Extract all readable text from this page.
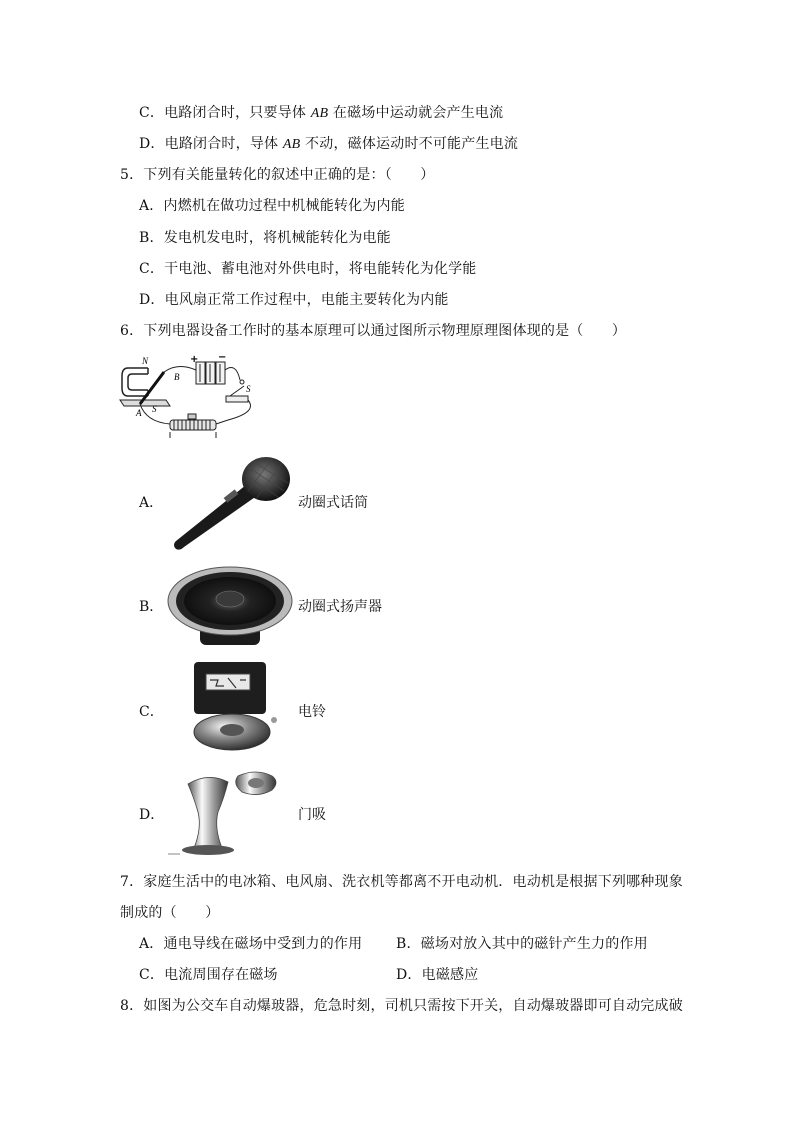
C．电路闭合时，只要导体 AB 在磁场中运动就会产生电流
D．电路闭合时，导体 AB 不动，磁体运动时不可能产生电流
5．下列有关能量转化的叙述中正确的是：（　　）
A．内燃机在做功过程中机械能转化为内能
B．发电机发电时，将机械能转化为电能
C．干电池、蓄电池对外供电时，将电能转化为化学能
D．电风扇正常工作过程中，电能主要转化为内能
6．下列电器设备工作时的基本原理可以通过图所示物理原理图体现的是（　　）
N
S
A
B
S
+ −
A．	动圈式话筒
B．	动圈式扬声器
C．	电铃
D．	门吸
7．家庭生活中的电冰箱、电风扇、洗衣机等都离不开电动机．电动机是根据下列哪种现象
制成的（　　）
A．通电导线在磁场中受到力的作用 B．磁场对放入其中的磁针产生力的作用
C．电流周围存在磁场	D．电磁感应
8．如图为公交车自动爆玻器，危急时刻，司机只需按下开关，自动爆玻器即可自动完成破
